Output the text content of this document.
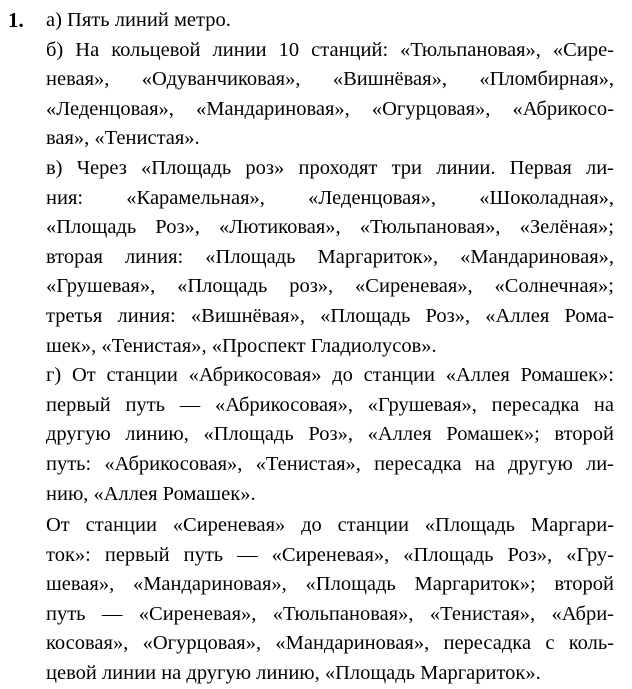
1. а) Пять линий метро.

б) На кольцевой линии 10 станций: «Тюльпановая», «Сире-
невая», «Одуванчиковая», «Вишнёвая», «Пломбирная»,
«Леденцовая», «Мандариновая», «Огурцовая», «Абрикосо-
вая», «Тенистая».

в) Через «Площадь роз» проходят три линии. Первая ли-
ния: «Карамельная», «Леденцовая», «Шоколадная»,
«Площадь Роз», «Лютиковая», «Тюльпановая», «Зелёная»;
вторая линия: «Площадь Маргариток», «Мандариновая»,
«Грушевая», «Площадь роз», «Сиреневая», «Солнечная»;
третья линия: «Вишнёвая», «Площадь Роз», «Аллея Рома-
шек», «Тенистая», «Проспект Гладиолусов».

г) От станции «Абрикосовая» до станции «Аллея Ромашек»:
первый путь — «Абрикосовая», «Грушевая», пересадка на
другую линию, «Площадь Роз», «Аллея Ромашек»; второй
путь: «Абрикосовая», «Тенистая», пересадка на другую ли-
нию, «Аллея Ромашек».

От станции «Сиреневая» до станции «Площадь Маргари-
ток»: первый путь — «Сиреневая», «Площадь Роз», «Гру-
шевая», «Мандариновая», «Площадь Маргариток»; второй
путь — «Сиреневая», «Тюльпановая», «Тенистая», «Абри-
косовая», «Огурцовая», «Мандариновая», пересадка с коль-
цевой линии на другую линию, «Площадь Маргариток».
